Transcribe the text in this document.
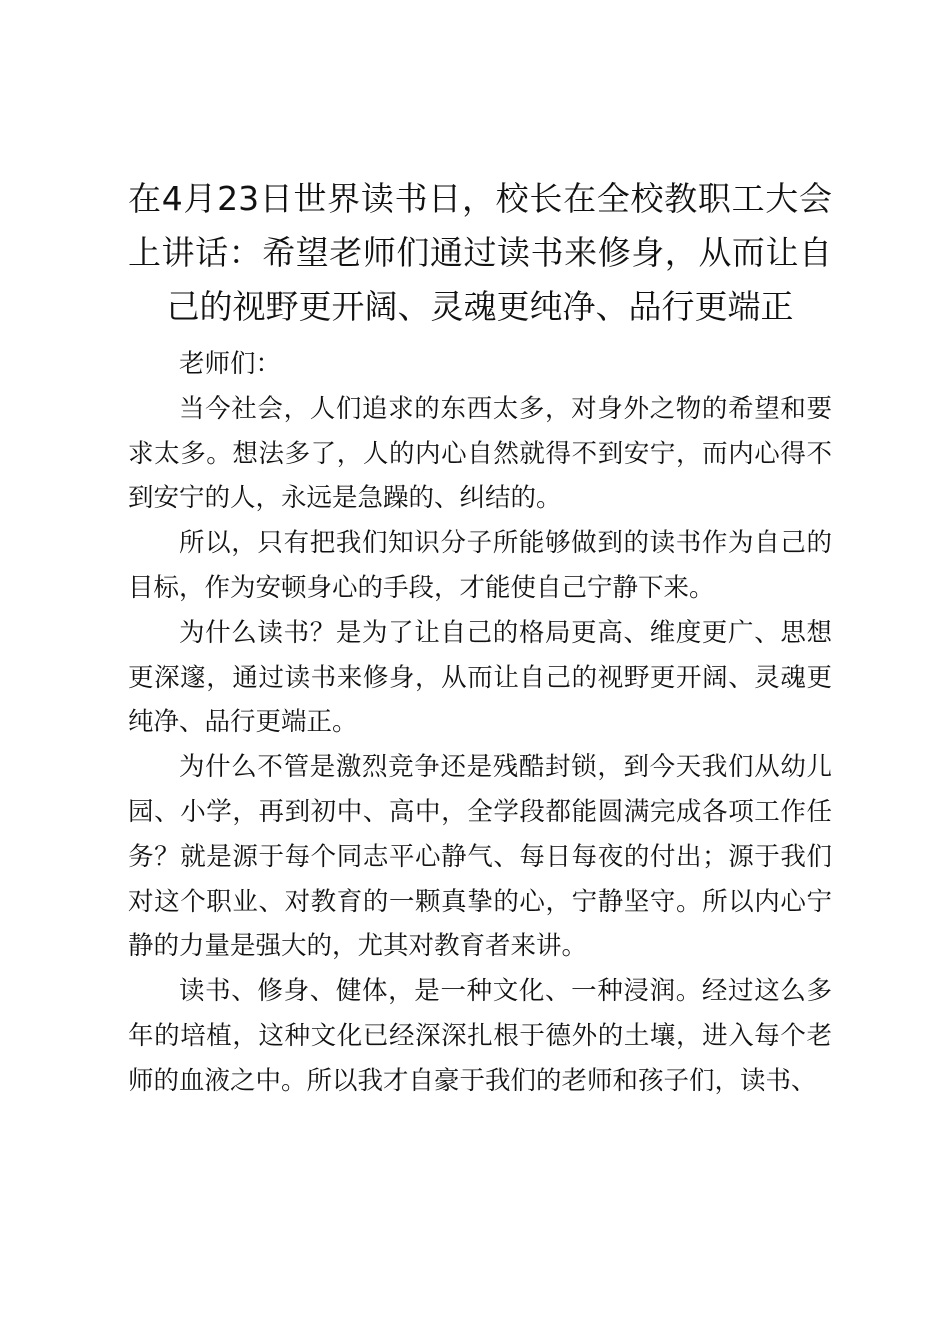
在4月23日世界读书日，校长在全校教职工大会上讲话：希望老师们通过读书来修身，从而让自己的视野更开阔、灵魂更纯净、品行更端正

老师们：

当今社会，人们追求的东西太多，对身外之物的希望和要求太多。想法多了，人的内心自然就得不到安宁，而内心得不到安宁的人，永远是急躁的、纠结的。

所以，只有把我们知识分子所能够做到的读书作为自己的目标，作为安顿身心的手段，才能使自己宁静下来。

为什么读书？是为了让自己的格局更高、维度更广、思想更深邃，通过读书来修身，从而让自己的视野更开阔、灵魂更纯净、品行更端正。

为什么不管是激烈竞争还是残酷封锁，到今天我们从幼儿园、小学，再到初中、高中，全学段都能圆满完成各项工作任务？就是源于每个同志平心静气、每日每夜的付出；源于我们对这个职业、对教育的一颗真挚的心，宁静坚守。所以内心宁静的力量是强大的，尤其对教育者来讲。

读书、修身、健体，是一种文化、一种浸润。经过这么多年的培植，这种文化已经深深扎根于德外的土壤，进入每个老师的血液之中。所以我才自豪于我们的老师和孩子们，读书、
